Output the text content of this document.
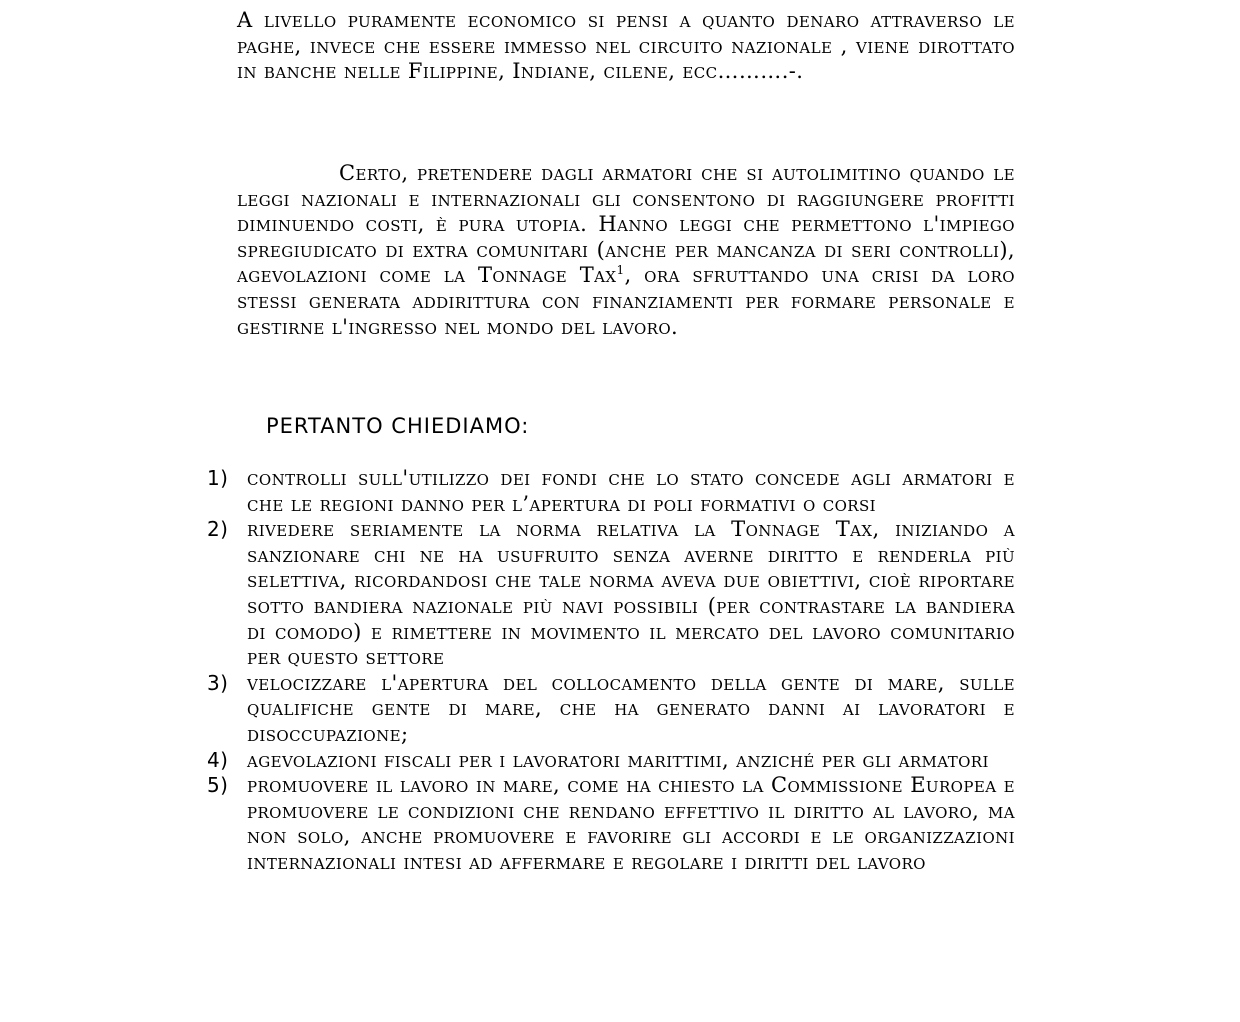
A livello puramente economico si pensi a quanto denaro attraverso le paghe, invece che essere immesso nel circuito nazionale , viene dirottato in banche nelle Filippine, Indiane, cilene, ecc……….-.

Certo, pretendere dagli armatori che si autolimitino quando le leggi nazionali e internazionali gli consentono di raggiungere profitti diminuendo costi, è pura utopia. Hanno leggi che permettono l'impiego spregiudicato di extra comunitari (anche per mancanza di seri controlli), agevolazioni come la Tonnage Tax$^1$, ora sfruttando una crisi da loro stessi generata addirittura con finanziamenti per formare personale e gestirne l'ingresso nel mondo del lavoro.

PERTANTO CHIEDIAMO:

1) controlli sull'utilizzo dei fondi che lo stato concede agli armatori e che le regioni danno per l’apertura di poli formativi o corsi
2) rivedere seriamente la norma relativa la Tonnage Tax, iniziando a sanzionare chi ne ha usufruito senza averne diritto e renderla più selettiva, ricordandosi che tale norma aveva due obiettivi, cioè riportare sotto bandiera nazionale più navi possibili (per contrastare la bandiera di comodo) e rimettere in movimento il mercato del lavoro comunitario per questo settore
3) velocizzare l'apertura del collocamento della gente di mare, sulle qualifiche gente di mare, che ha generato danni ai lavoratori e disoccupazione;
4) agevolazioni fiscali per i lavoratori marittimi, anziché per gli armatori
5) promuovere il lavoro in mare, come ha chiesto la Commissione Europea e promuovere le condizioni che rendano effettivo il diritto al lavoro, ma non solo, anche promuovere e favorire gli accordi e le organizzazioni internazionali intesi ad affermare e regolare i diritti del lavoro
